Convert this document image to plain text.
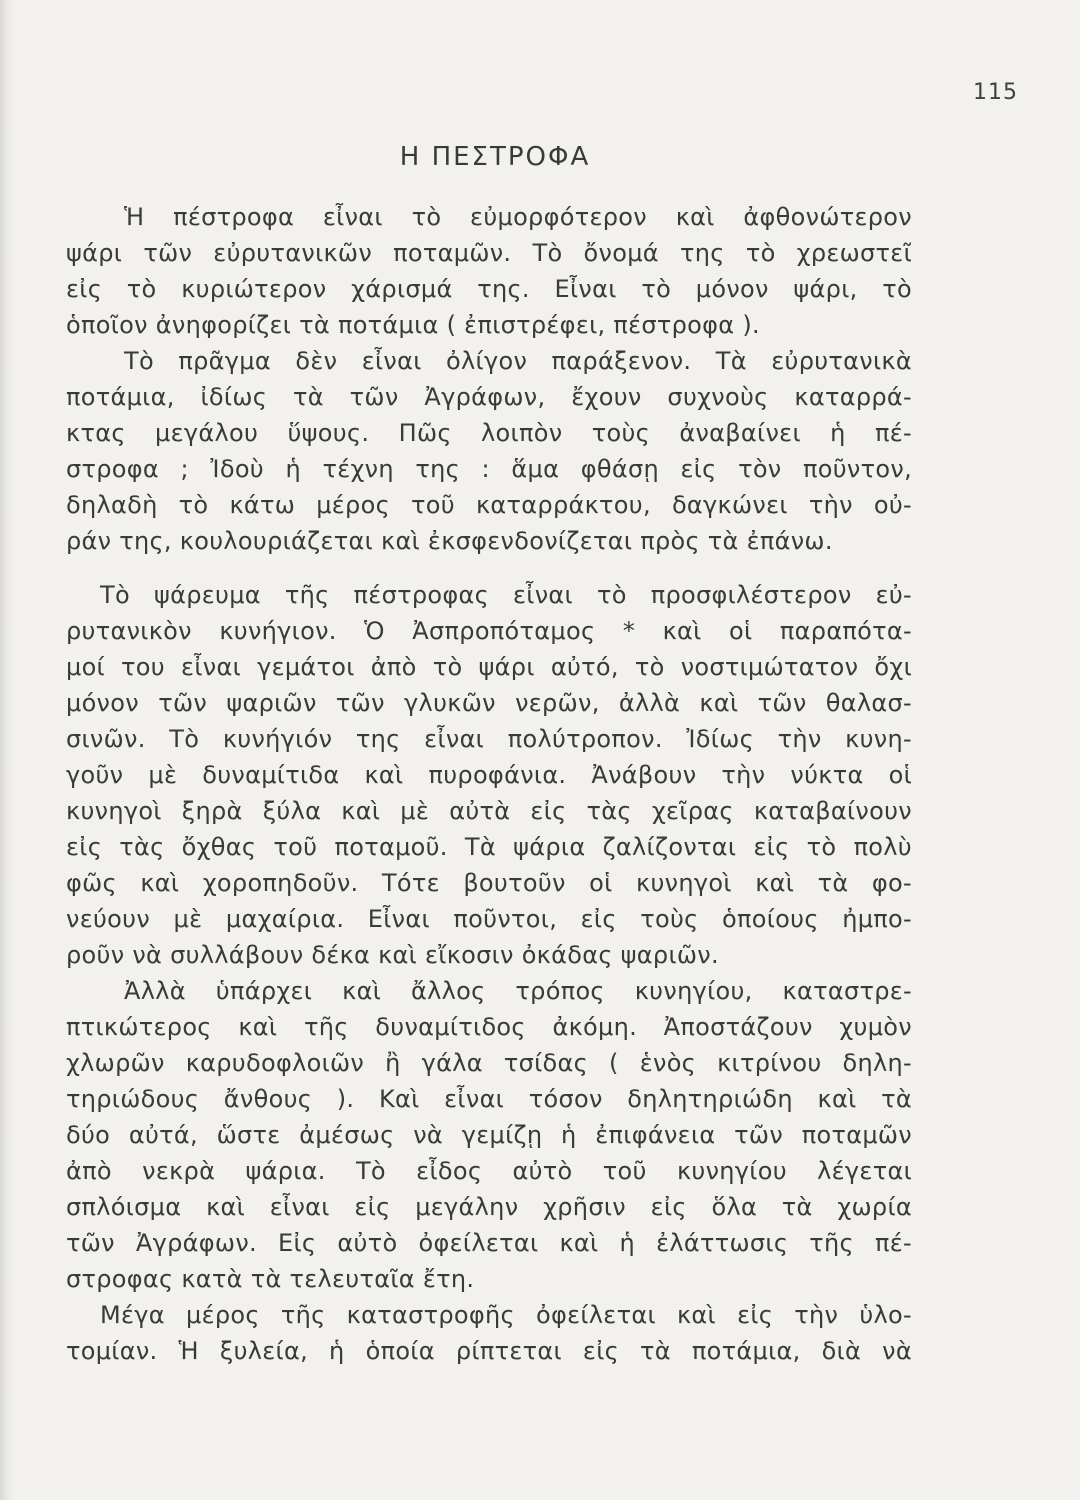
115
Η ΠΕΣΤΡΟΦΑ
Ἡ πέστροφα εἶναι τὸ εὐμορφότερον καὶ ἀφθονώτερον
ψάρι τῶν εὐρυτανικῶν ποταμῶν. Τὸ ὄνομά της τὸ χρεωστεῖ
εἰς τὸ κυριώτερον χάρισμά της. Εἶναι τὸ μόνον ψάρι, τὸ
ὁποῖον ἀνηφορίζει τὰ ποτάμια ( ἐπιστρέφει, πέστροφα ).
Τὸ πρᾶγμα δὲν εἶναι ὀλίγον παράξενον. Τὰ εὐρυτανικὰ
ποτάμια, ἰδίως τὰ τῶν Ἀγράφων, ἔχουν συχνοὺς καταρρά-
κτας μεγάλου ὕψους. Πῶς λοιπὸν τοὺς ἀναβαίνει ἡ πέ-
στροφα ; Ἰδοὺ ἡ τέχνη της : ἅμα φθάσῃ εἰς τὸν ποῦντον,
δηλαδὴ τὸ κάτω μέρος τοῦ καταρράκτου, δαγκώνει τὴν οὐ-
ράν της, κουλουριάζεται καὶ ἐκσφενδονίζεται πρὸς τὰ ἐπάνω.
Τὸ ψάρευμα τῆς πέστροφας εἶναι τὸ προσφιλέστερον εὐ-
ρυτανικὸν κυνήγιον. Ὁ Ἀσπροπόταμος * καὶ οἱ παραπότα-
μοί του εἶναι γεμάτοι ἀπὸ τὸ ψάρι αὐτό, τὸ νοστιμώτατον ὄχι
μόνον τῶν ψαριῶν τῶν γλυκῶν νερῶν, ἀλλὰ καὶ τῶν θαλασ-
σινῶν. Τὸ κυνήγιόν της εἶναι πολύτροπον. Ἰδίως τὴν κυνη-
γοῦν μὲ δυναμίτιδα καὶ πυροφάνια. Ἀνάβουν τὴν νύκτα οἱ
κυνηγοὶ ξηρὰ ξύλα καὶ μὲ αὐτὰ εἰς τὰς χεῖρας καταβαίνουν
εἰς τὰς ὄχθας τοῦ ποταμοῦ. Τὰ ψάρια ζαλίζονται εἰς τὸ πολὺ
φῶς καὶ χοροπηδοῦν. Τότε βουτοῦν οἱ κυνηγοὶ καὶ τὰ φο-
νεύουν μὲ μαχαίρια. Εἶναι ποῦντοι, εἰς τοὺς ὁποίους ἠμπο-
ροῦν νὰ συλλάβουν δέκα καὶ εἴκοσιν ὀκάδας ψαριῶν.
Ἀλλὰ ὑπάρχει καὶ ἄλλος τρόπος κυνηγίου, καταστρε-
πτικώτερος καὶ τῆς δυναμίτιδος ἀκόμη. Ἀποστάζουν χυμὸν
χλωρῶν καρυδοφλοιῶν ἢ γάλα τσίδας ( ἑνὸς κιτρίνου δηλη-
τηριώδους ἄνθους ). Καὶ εἶναι τόσον δηλητηριώδη καὶ τὰ
δύο αὐτά, ὥστε ἀμέσως νὰ γεμίζῃ ἡ ἐπιφάνεια τῶν ποταμῶν
ἀπὸ νεκρὰ ψάρια. Τὸ εἶδος αὐτὸ τοῦ κυνηγίου λέγεται
σπλόισμα καὶ εἶναι εἰς μεγάλην χρῆσιν εἰς ὅλα τὰ χωρία
τῶν Ἀγράφων. Εἰς αὐτὸ ὀφείλεται καὶ ἡ ἐλάττωσις τῆς πέ-
στροφας κατὰ τὰ τελευταῖα ἔτη.
Μέγα μέρος τῆς καταστροφῆς ὀφείλεται καὶ εἰς τὴν ὑλο-
τομίαν. Ἡ ξυλεία, ἡ ὁποία ρίπτεται εἰς τὰ ποτάμια, διὰ νὰ
